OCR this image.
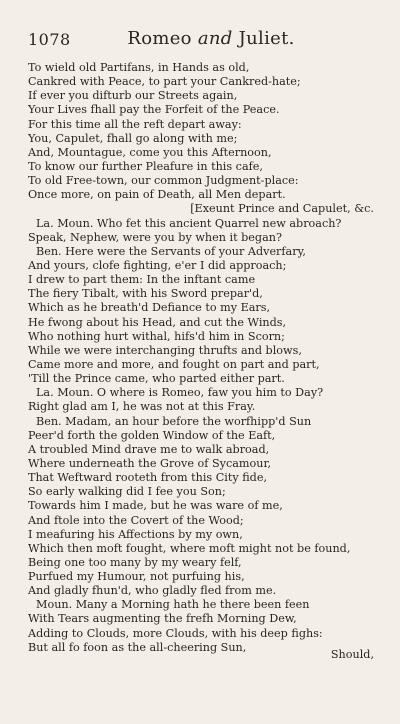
1078	Romeo and Juliet.
To wield old Partifans, in Hands as old,
Cankred with Peace, to part your Cankred-hate;
If ever you difturb our Streets again,
Your Lives fhall pay the Forfeit of the Peace.
For this time all the reft depart away:
You, Capulet, fhall go along with me;
And, Mountague, come you this Afternoon,
To know our further Pleafure in this cafe,
To old Free-town, our common Judgment-place:
Once more, on pain of Death, all Men depart.
[Exeunt Prince and Capulet, &c.
La. Moun. Who fet this ancient Quarrel new abroach?
Speak, Nephew, were you by when it began?
Ben. Here were the Servants of your Adverfary,
And yours, clofe fighting, e'er I did approach;
I drew to part them: In the inftant came
The fiery Tibalt, with his Sword prepar'd,
Which as he breath'd Defiance to my Ears,
He fwong about his Head, and cut the Winds,
Who nothing hurt withal, hifs'd him in Scorn;
While we were interchanging thrufts and blows,
Came more and more, and fought on part and part,
'Till the Prince came, who parted either part.
La. Moun. O where is Romeo, faw you him to Day?
Right glad am I, he was not at this Fray.
Ben. Madam, an hour before the worfhipp'd Sun
Peer'd forth the golden Window of the Eaft,
A troubled Mind drave me to walk abroad,
Where underneath the Grove of Sycamour,
That Weftward rooteth from this City fide,
So early walking did I fee you Son;
Towards him I made, but he was ware of me,
And ftole into the Covert of the Wood;
I meafuring his Affections by my own,
Which then moft fought, where moft might not be found,
Being one too many by my weary felf,
Purfued my Humour, not purfuing his,
And gladly fhun'd, who gladly fled from me.
Moun. Many a Morning hath he there been feen
With Tears augmenting the frefh Morning Dew,
Adding to Clouds, more Clouds, with his deep fighs:
But all fo foon as the all-cheering Sun,
Should,
